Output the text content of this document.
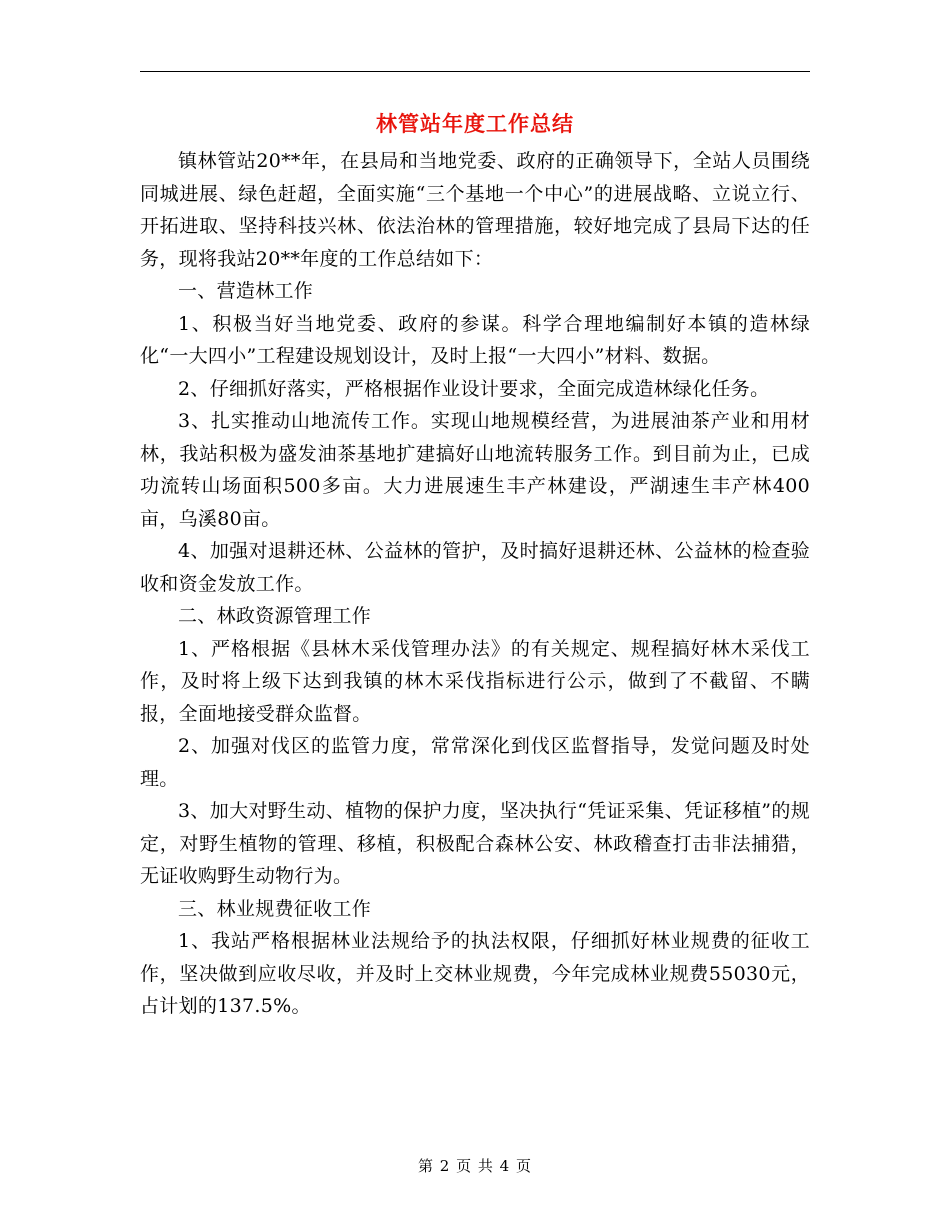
林管站年度工作总结

镇林管站20**年，在县局和当地党委、政府的正确领导下，全站人员围绕同城进展、绿色赶超，全面实施“三个基地一个中心”的进展战略、立说立行、开拓进取、坚持科技兴林、依法治林的管理措施，较好地完成了县局下达的任务，现将我站20**年度的工作总结如下：

一、营造林工作

1、积极当好当地党委、政府的参谋。科学合理地编制好本镇的造林绿化“一大四小”工程建设规划设计，及时上报“一大四小”材料、数据。

2、仔细抓好落实，严格根据作业设计要求，全面完成造林绿化任务。

3、扎实推动山地流传工作。实现山地规模经营，为进展油茶产业和用材林，我站积极为盛发油茶基地扩建搞好山地流转服务工作。到目前为止，已成功流转山场面积500多亩。大力进展速生丰产林建设，严湖速生丰产林400亩，乌溪80亩。

4、加强对退耕还林、公益林的管护，及时搞好退耕还林、公益林的检查验收和资金发放工作。

二、林政资源管理工作

1、严格根据《县林木采伐管理办法》的有关规定、规程搞好林木采伐工作，及时将上级下达到我镇的林木采伐指标进行公示，做到了不截留、不瞒报，全面地接受群众监督。

2、加强对伐区的监管力度，常常深化到伐区监督指导，发觉问题及时处理。

3、加大对野生动、植物的保护力度，坚决执行“凭证采集、凭证移植”的规定，对野生植物的管理、移植，积极配合森林公安、林政稽查打击非法捕猎，无证收购野生动物行为。

三、林业规费征收工作

1、我站严格根据林业法规给予的执法权限，仔细抓好林业规费的征收工作，坚决做到应收尽收，并及时上交林业规费，今年完成林业规费55030元，占计划的137.5%。

第 2 页 共 4 页
